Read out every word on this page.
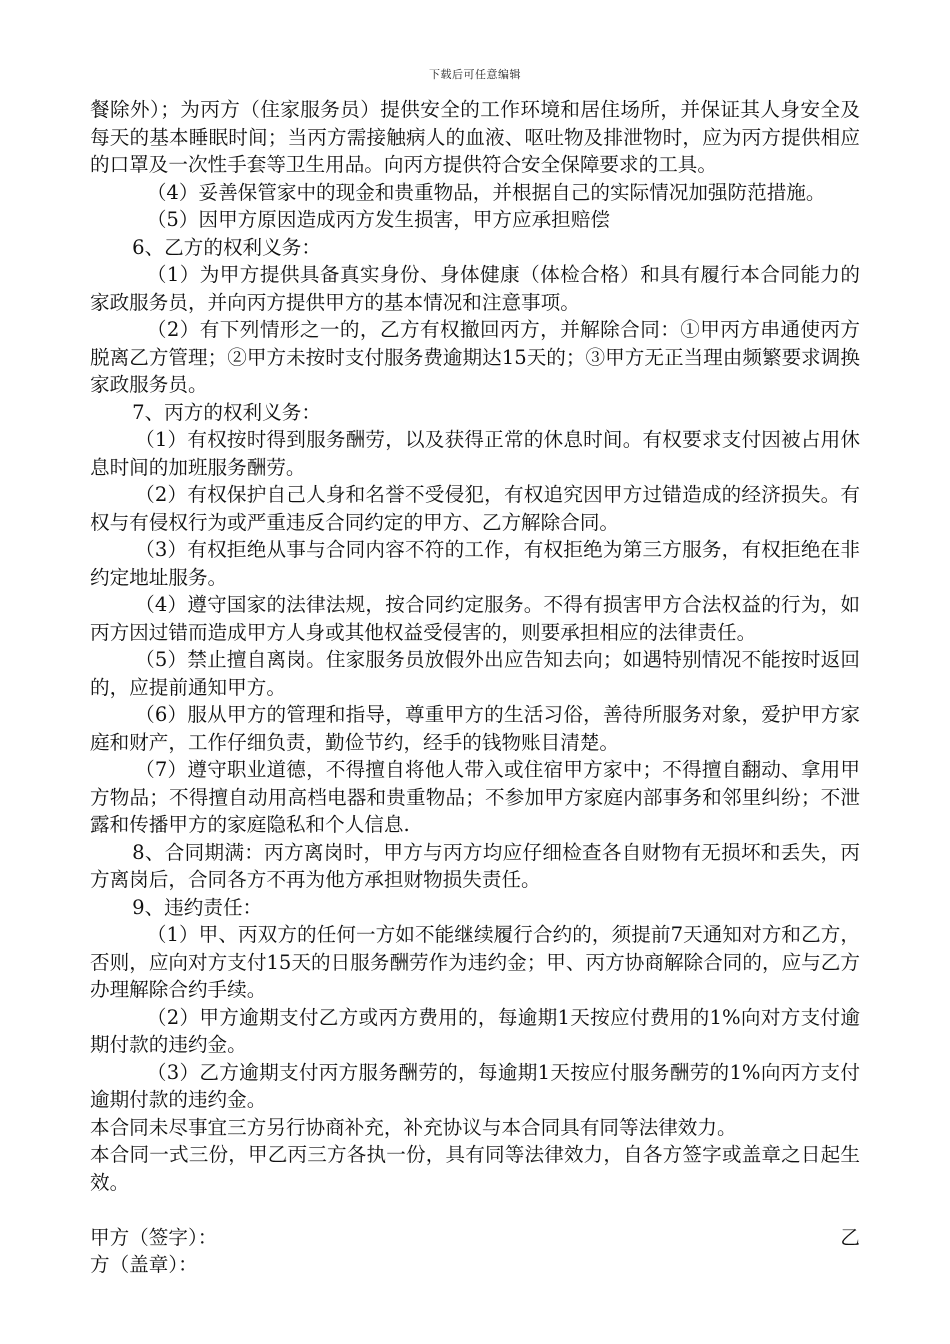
下载后可任意编辑

餐除外）；为丙方（住家服务员）提供安全的工作环境和居住场所，并保证其人身安全及每天的基本睡眠时间；当丙方需接触病人的血液、呕吐物及排泄物时，应为丙方提供相应的口罩及一次性手套等卫生用品。向丙方提供符合安全保障要求的工具。

（4）妥善保管家中的现金和贵重物品，并根据自己的实际情况加强防范措施。

（5）因甲方原因造成丙方发生损害，甲方应承担赔偿

6、乙方的权利义务：

（1）为甲方提供具备真实身份、身体健康（体检合格）和具有履行本合同能力的家政服务员，并向丙方提供甲方的基本情况和注意事项。

（2）有下列情形之一的，乙方有权撤回丙方，并解除合同：①甲丙方串通使丙方脱离乙方管理；②甲方未按时支付服务费逾期达15天的；③甲方无正当理由频繁要求调换家政服务员。

7、丙方的权利义务：

（1）有权按时得到服务酬劳，以及获得正常的休息时间。有权要求支付因被占用休息时间的加班服务酬劳。

（2）有权保护自己人身和名誉不受侵犯，有权追究因甲方过错造成的经济损失。有权与有侵权行为或严重违反合同约定的甲方、乙方解除合同。

（3）有权拒绝从事与合同内容不符的工作，有权拒绝为第三方服务，有权拒绝在非约定地址服务。

（4）遵守国家的法律法规，按合同约定服务。不得有损害甲方合法权益的行为，如丙方因过错而造成甲方人身或其他权益受侵害的，则要承担相应的法律责任。

（5）禁止擅自离岗。住家服务员放假外出应告知去向；如遇特别情况不能按时返回的，应提前通知甲方。

（6）服从甲方的管理和指导，尊重甲方的生活习俗，善待所服务对象，爱护甲方家庭和财产，工作仔细负责，勤俭节约，经手的钱物账目清楚。

（7）遵守职业道德，不得擅自将他人带入或住宿甲方家中；不得擅自翻动、拿用甲方物品；不得擅自动用高档电器和贵重物品；不参加甲方家庭内部事务和邻里纠纷；不泄露和传播甲方的家庭隐私和个人信息.

8、合同期满：丙方离岗时，甲方与丙方均应仔细检查各自财物有无损坏和丢失，丙方离岗后，合同各方不再为他方承担财物损失责任。

9、违约责任：

（1）甲、丙双方的任何一方如不能继续履行合约的，须提前7天通知对方和乙方，否则，应向对方支付15天的日服务酬劳作为违约金；甲、丙方协商解除合同的，应与乙方办理解除合约手续。

（2）甲方逾期支付乙方或丙方费用的，每逾期1天按应付费用的1%向对方支付逾期付款的违约金。

（3）乙方逾期支付丙方服务酬劳的，每逾期1天按应付服务酬劳的1%向丙方支付逾期付款的违约金。

本合同未尽事宜三方另行协商补充，补充协议与本合同具有同等法律效力。

本合同一式三份，甲乙丙三方各执一份，具有同等法律效力，自各方签字或盖章之日起生效。

甲方（签字）：	乙
方（盖章）：
